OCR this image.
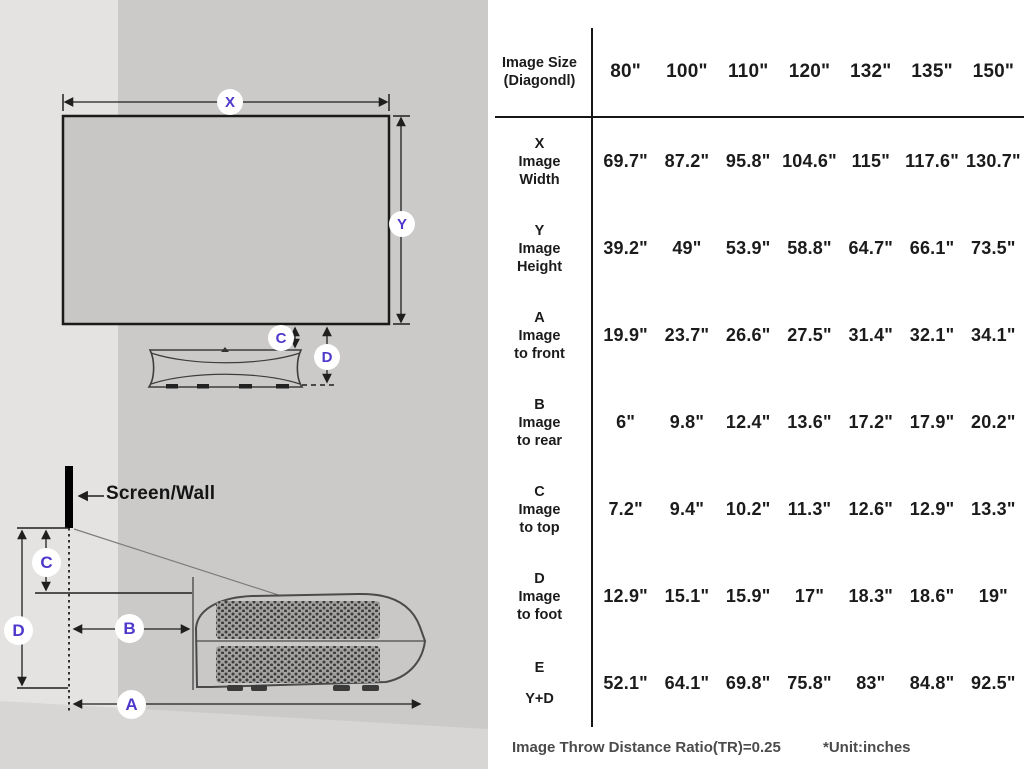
X
Y
C
D
C
D	B
A
Screen/Wall
Image Size
(Diagondl)	80"	100"	110"	120"	132"	135"	150"
X
Image
Width
69.7" 87.2" 95.8" 104.6" 115" 117.6" 130.7"
Y
Image
Height
39.2"	49"	53.9" 58.8" 64.7" 66.1" 73.5"
A
Image
to front
19.9" 23.7" 26.6" 27.5" 31.4" 32.1" 34.1"
B
Image
to rear
6"	9.8"	12.4" 13.6" 17.2" 17.9" 20.2"
C
Image
to top
7.2"	9.4"	10.2" 11.3" 12.6" 12.9" 13.3"
D
Image
to foot
12.9" 15.1" 15.9"	17"	18.3" 18.6"	19"
E
Y+D
52.1" 64.1" 69.8" 75.8"	83"	84.8" 92.5"
Image Throw Distance Ratio(TR)=0.25	*Unit:inches
